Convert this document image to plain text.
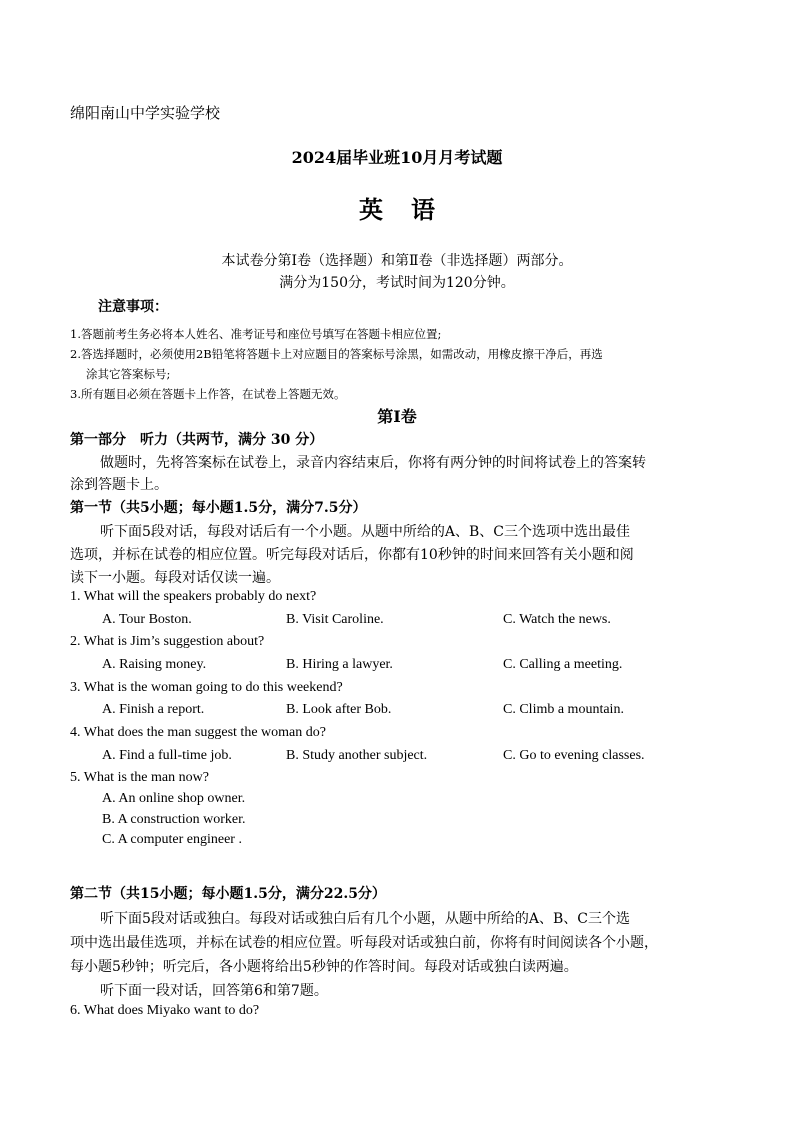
绵阳南山中学实验学校
2024届毕业班10月月考试题
英语
本试卷分第Ⅰ卷（选择题）和第Ⅱ卷（非选择题）两部分。
满分为150分，考试时间为120分钟。
注意事项：
1.答题前考生务必将本人姓名、准考证号和座位号填写在答题卡相应位置;
2.答选择题时，必须使用2B铅笔将答题卡上对应题目的答案标号涂黑，如需改动，用橡皮擦干净后，再选
涂其它答案标号;
3.所有题目必须在答题卡上作答，在试卷上答题无效。
第Ⅰ卷
第一部分　听力（共两节，满分 30 分）
做题时，先将答案标在试卷上，录音内容结束后，你将有两分钟的时间将试卷上的答案转
涂到答题卡上。
第一节（共5小题；每小题1.5分，满分7.5分）
听下面5段对话，每段对话后有一个小题。从题中所给的A、B、C三个选项中选出最佳
选项，并标在试卷的相应位置。听完每段对话后，你都有10秒钟的时间来回答有关小题和阅
读下一小题。每段对话仅读一遍。
1. What will the speakers probably do next?
A. Tour Boston.	B. Visit Caroline.	C. Watch the news.
2. What is Jim’s suggestion about?
A. Raising money.	B. Hiring a lawyer.	C. Calling a meeting.
3. What is the woman going to do this weekend?
A. Finish a report.	B. Look after Bob.	C. Climb a mountain.
4. What does the man suggest the woman do?
A. Find a full-time job.	B. Study another subject.	C. Go to evening classes.
5. What is the man now?
A. An online shop owner.
B. A construction worker.
C. A computer engineer .
第二节（共15小题；每小题1.5分，满分22.5分）
听下面5段对话或独白。每段对话或独白后有几个小题，从题中所给的A、B、C三个选
项中选出最佳选项，并标在试卷的相应位置。听每段对话或独白前，你将有时间阅读各个小题，
每小题5秒钟；听完后，各小题将给出5秒钟的作答时间。每段对话或独白读两遍。
听下面一段对话，回答第6和第7题。
6. What does Miyako want to do?
